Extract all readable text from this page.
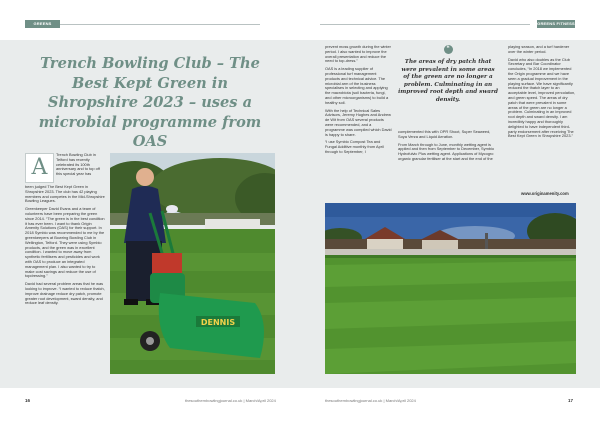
GREENS FITNESS
GREENS FITNESS
Trench Bowling Club – The Best Kept Green in Shropshire 2023 – uses a microbial programme from OAS
A

Trench Bowling Club in Telford has recently celebrated its 100th anniversary and to top off this special year has

been judged The Best Kept Green in Shropshire 2023. The club has 42 playing members and competes in the Mid-Shropshire Bowling Leagues.

Greenkeeper David Evans and a team of volunteers have been preparing the green since 2014. “The green is in the best condition it has ever been. I want to thank Origin Amenity Solutions (OAS) for their support. In 2018 Symbio was recommended to me by the greenkeepers at Bowring Bowling Club in Wellington, Telford. They were using Symbio products, and the green was in excellent condition. I wanted to move away from synthetic fertilisers and pesticides and work with OAS to produce an integrated management plan. I also wanted to try to make cost savings and reduce the use of topdressing.”

David had several problem areas that he was looking to improve. “I wanted to reduce thatch, improve drainage reduce dry patch, promote greater root development, sward density, and reduce leaf density.

DENNIS

prevent moss growth during the winter period. I also wanted to improve the overall presentation and reduce the need to top-dress.”

OAS is a leading supplier of professional turf management products and technical advice. The microbial arm of the business specialises in selecting and applying the macrobiota (soil bacteria, fungi, and other microorganisms) to build a healthy soil.

With the help of Technical Sales Advisors, Jeremy Hughes and Andrew de Wit from OAS several products were recommended, and a programme was compiled which David is happy to share.

“I use Symbio Compost Tea and Fungal Additive monthly from April through to September, I

❝
The areas of dry patch that were prevalent in some areas of the green are no longer a problem. Culminating in an improved root depth and sward density.

complemented this with OPR Shoot, Super Seaweed, Soya Verza and Liquid Aeration.

From March through to June, monthly wetting agent is applied and then from September to December, Symbio Hydrofulvic Plus wetting agent. Applications of Mycogro organic granular fertiliser at the start and the end of the

playing season, and a turf hardener over the winter period.

David who also doubles as the Club Secretary and Bar Coordinator concludes, “In 2018 we implemented the Origin programme and we have seen a gradual improvement in the playing surface. We have significantly reduced the thatch layer to an acceptable level, improved percolation, and green speed. The areas of dry patch that were prevalent in some areas of the green are no longer a problem. Culminating in an improved root depth and sward density. I am incredibly happy and thoroughly delighted to have independent third-party endorsement after receiving The Best Kept Green in Shropshire 2023.”

www.originamenity.com
16	thesouthernbowlingjournal.co.uk | March/April 2024	thesouthernbowlingjournal.co.uk | March/April 2024	17
